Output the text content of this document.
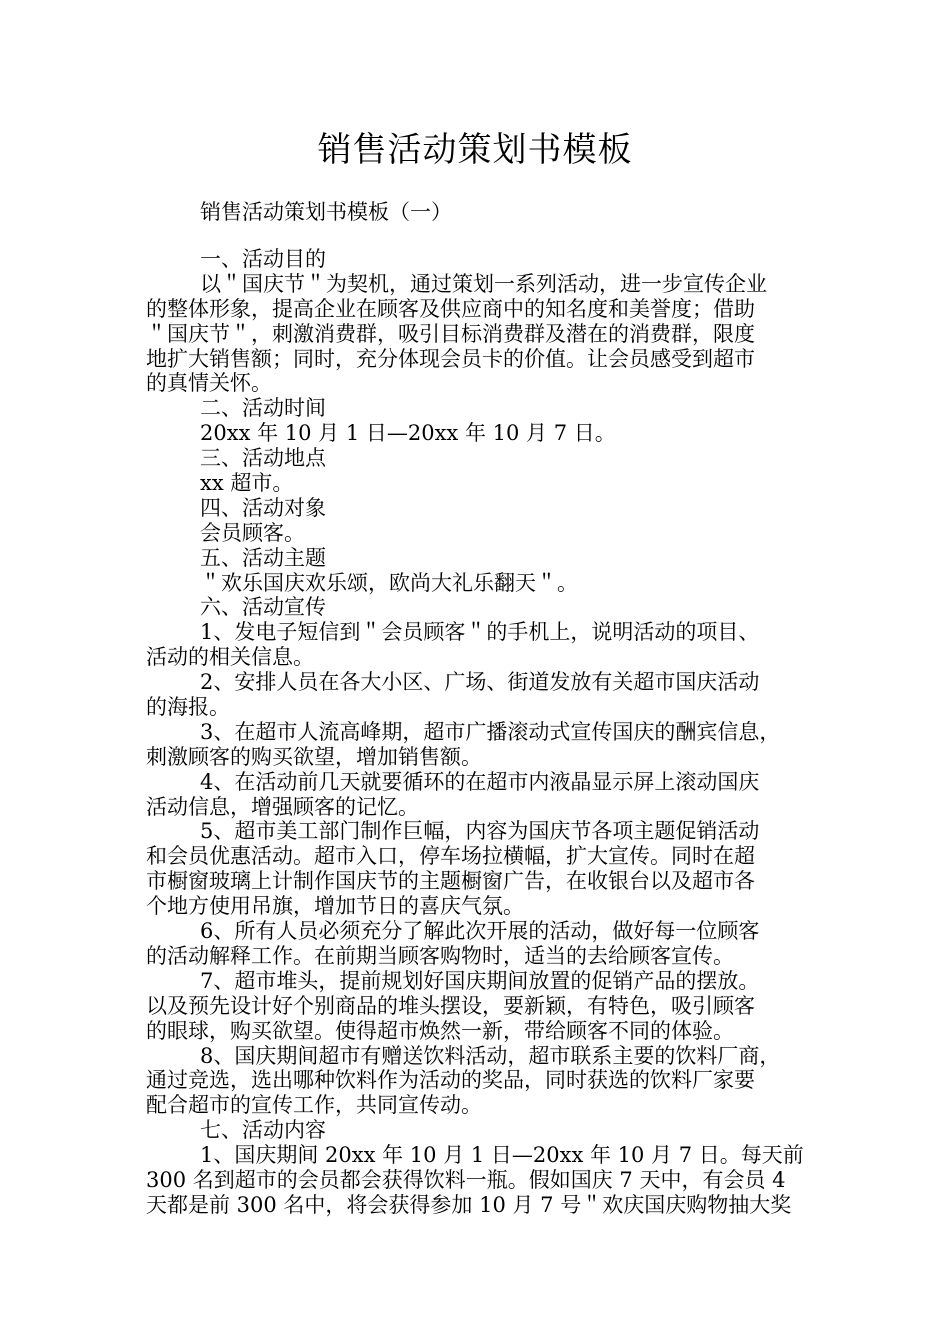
销售活动策划书模板
销售活动策划书模板（一）
一、活动目的
以＂国庆节＂为契机，通过策划一系列活动，进一步宣传企业
的整体形象，提高企业在顾客及供应商中的知名度和美誉度；借助
＂国庆节＂，刺激消费群，吸引目标消费群及潜在的消费群，限度
地扩大销售额；同时，充分体现会员卡的价值。让会员感受到超市
的真情关怀。
二、活动时间
20xx 年 10 月 1 日—20xx 年 10 月 7 日。
三、活动地点
xx 超市。
四、活动对象
会员顾客。
五、活动主题
＂欢乐国庆欢乐颂，欧尚大礼乐翻天＂。
六、活动宣传
1、发电子短信到＂会员顾客＂的手机上，说明活动的项目、
活动的相关信息。
2、安排人员在各大小区、广场、街道发放有关超市国庆活动
的海报。
3、在超市人流高峰期，超市广播滚动式宣传国庆的酬宾信息，
刺激顾客的购买欲望，增加销售额。
4、在活动前几天就要循环的在超市内液晶显示屏上滚动国庆
活动信息，增强顾客的记忆。
5、超市美工部门制作巨幅，内容为国庆节各项主题促销活动
和会员优惠活动。超市入口，停车场拉横幅，扩大宣传。同时在超
市橱窗玻璃上计制作国庆节的主题橱窗广告，在收银台以及超市各
个地方使用吊旗，增加节日的喜庆气氛。
6、所有人员必须充分了解此次开展的活动，做好每一位顾客
的活动解释工作。在前期当顾客购物时，适当的去给顾客宣传。
7、超市堆头，提前规划好国庆期间放置的促销产品的摆放。
以及预先设计好个别商品的堆头摆设，要新颖，有特色，吸引顾客
的眼球，购买欲望。使得超市焕然一新，带给顾客不同的体验。
8、国庆期间超市有赠送饮料活动，超市联系主要的饮料厂商，
通过竞选，选出哪种饮料作为活动的奖品，同时获选的饮料厂家要
配合超市的宣传工作，共同宣传动。
七、活动内容
1、国庆期间 20xx 年 10 月 1 日—20xx 年 10 月 7 日。每天前
300 名到超市的会员都会获得饮料一瓶。假如国庆 7 天中，有会员 4
天都是前 300 名中，将会获得参加 10 月 7 号＂欢庆国庆购物抽大奖
